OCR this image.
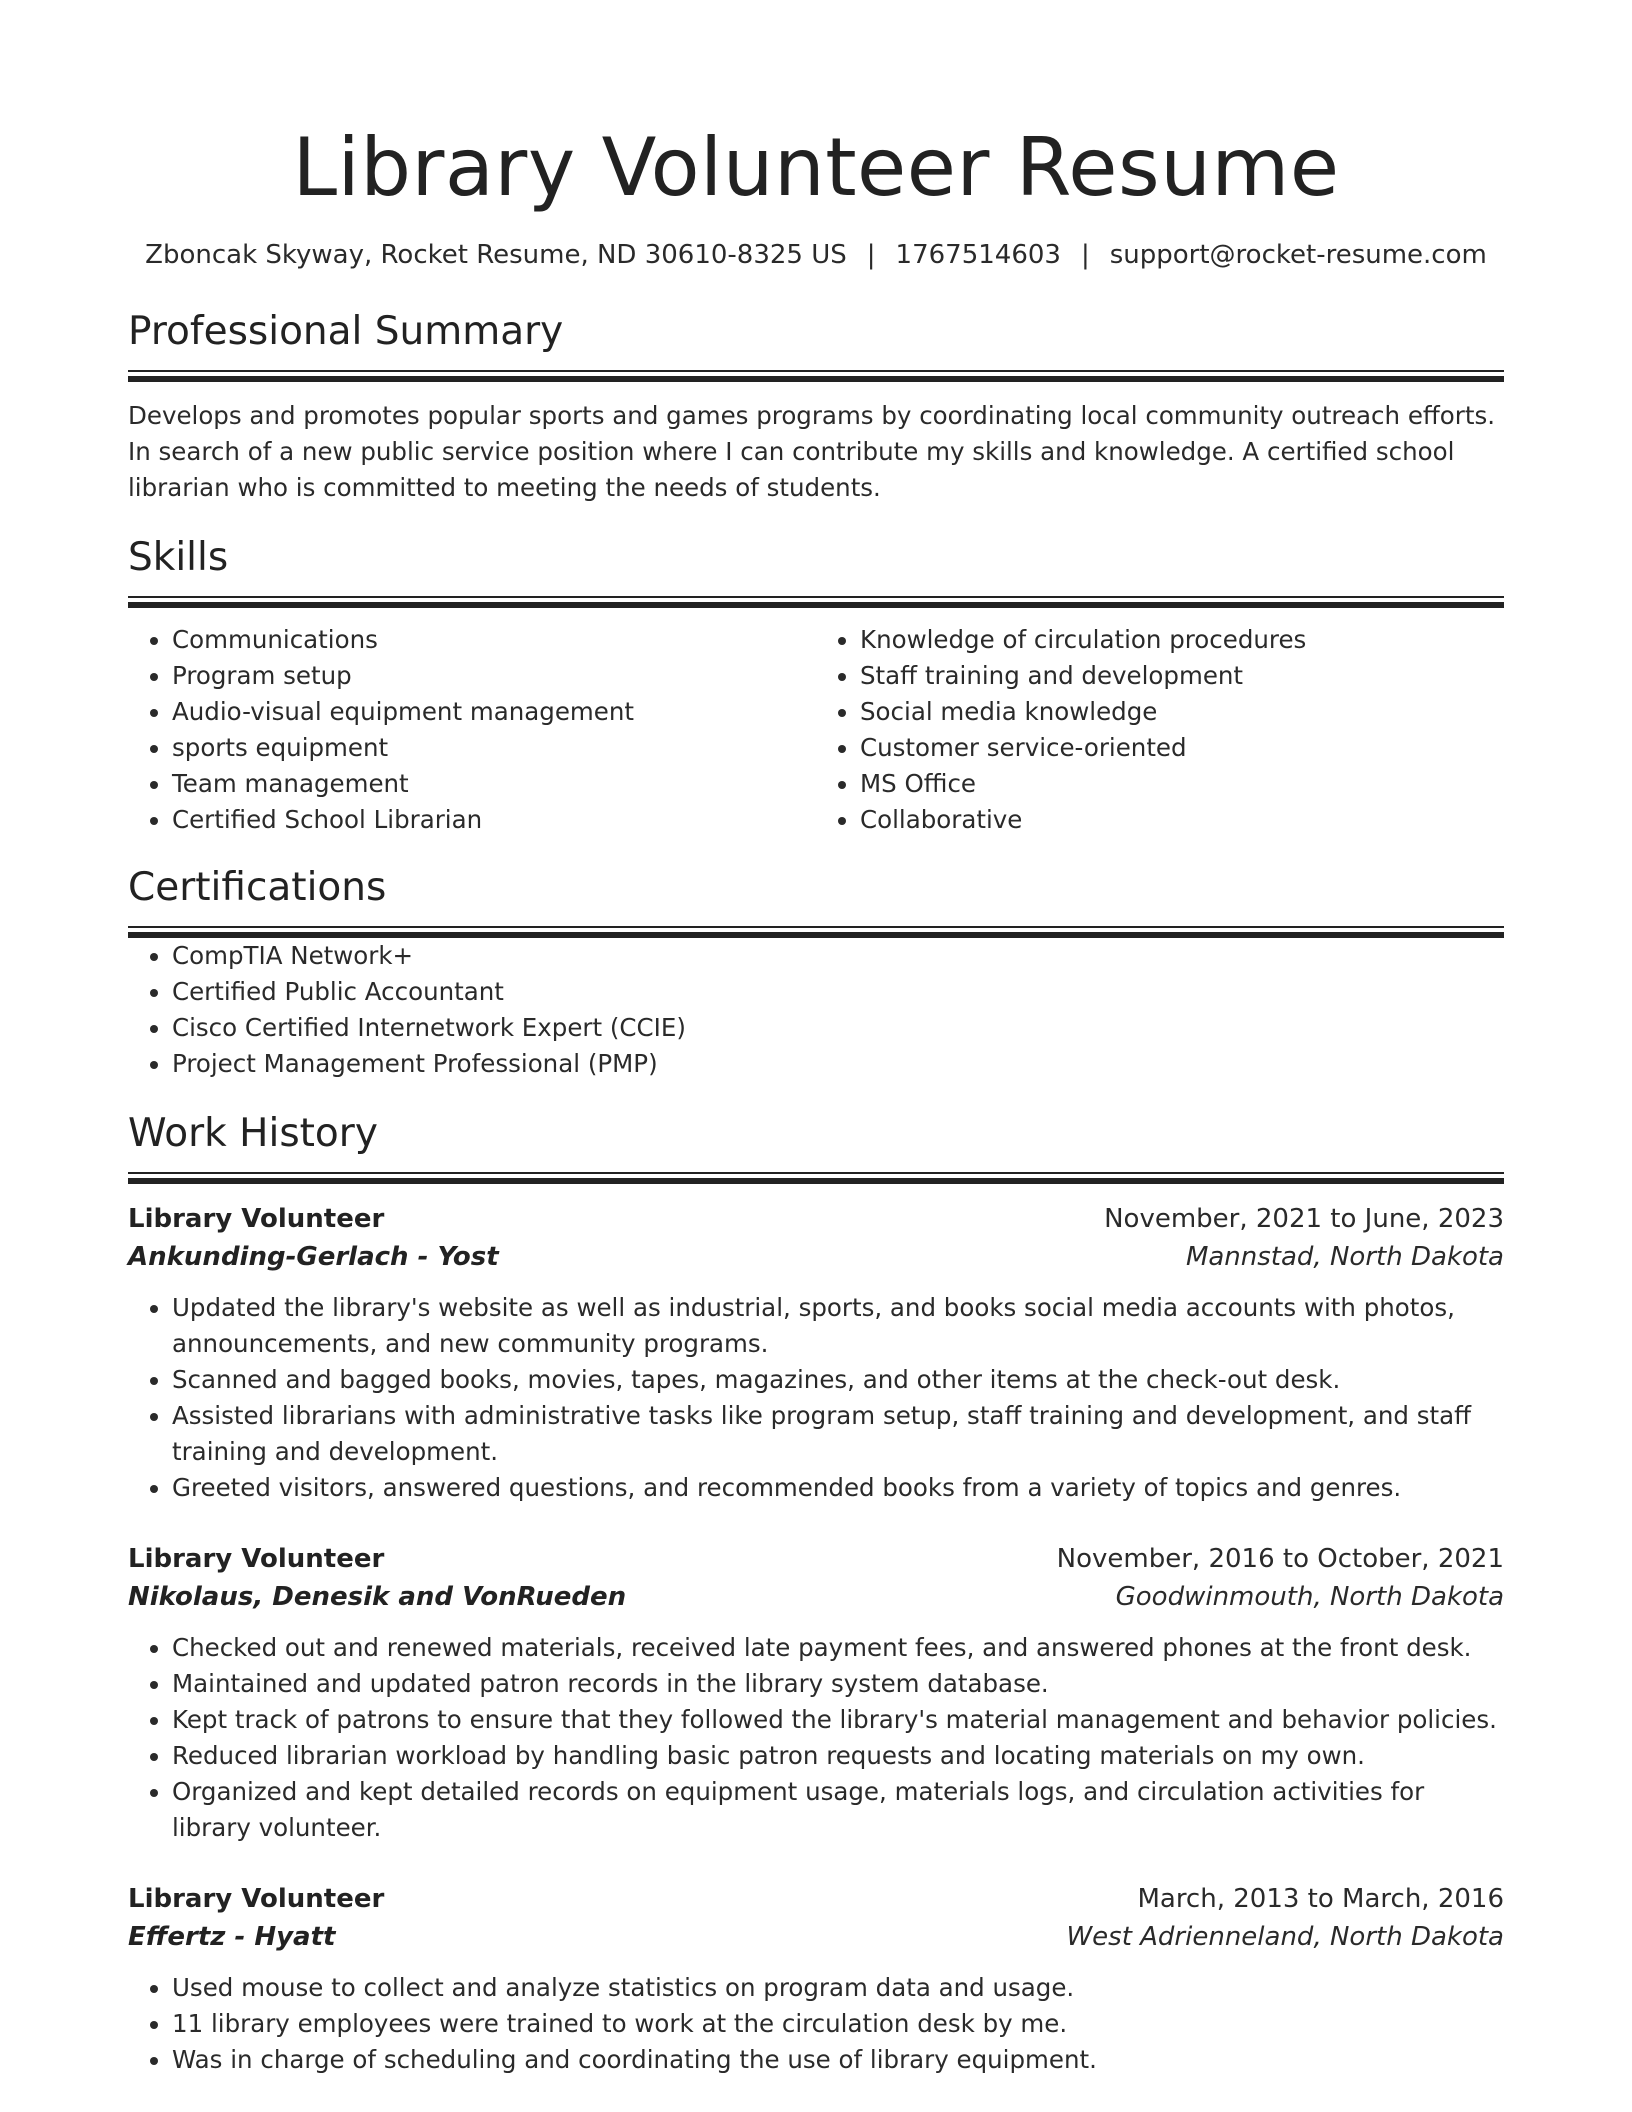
Library Volunteer Resume
Zboncak Skyway, Rocket Resume, ND 30610-8325 US | 1767514603 | support@rocket-resume.com
Professional Summary

Develops and promotes popular sports and games programs by coordinating local community outreach efforts. In search of a new public service position where I can contribute my skills and knowledge. A certified school librarian who is committed to meeting the needs of students.

Skills
• Communications
• Program setup
• Audio-visual equipment management
• sports equipment
• Team management
• Certified School Librarian
• Knowledge of circulation procedures
• Staff training and development
• Social media knowledge
• Customer service-oriented
• MS Office
• Collaborative
Certifications
• CompTIA Network+
• Certified Public Accountant
• Cisco Certified Internetwork Expert (CCIE)
• Project Management Professional (PMP)
Work History
Library Volunteer	November, 2021 to June, 2023
Ankunding-Gerlach - Yost	Mannstad, North Dakota
• Updated the library's website as well as industrial, sports, and books social media accounts with photos, announcements, and new community programs.
• Scanned and bagged books, movies, tapes, magazines, and other items at the check-out desk.
• Assisted librarians with administrative tasks like program setup, staff training and development, and staff training and development.
• Greeted visitors, answered questions, and recommended books from a variety of topics and genres.
Library Volunteer	November, 2016 to October, 2021
Nikolaus, Denesik and VonRueden	Goodwinmouth, North Dakota
• Checked out and renewed materials, received late payment fees, and answered phones at the front desk.
• Maintained and updated patron records in the library system database.
• Kept track of patrons to ensure that they followed the library's material management and behavior policies.
• Reduced librarian workload by handling basic patron requests and locating materials on my own.
• Organized and kept detailed records on equipment usage, materials logs, and circulation activities for library volunteer.
Library Volunteer	March, 2013 to March, 2016
Effertz - Hyatt	West Adrienneland, North Dakota
• Used mouse to collect and analyze statistics on program data and usage.
• 11 library employees were trained to work at the circulation desk by me.
• Was in charge of scheduling and coordinating the use of library equipment.
